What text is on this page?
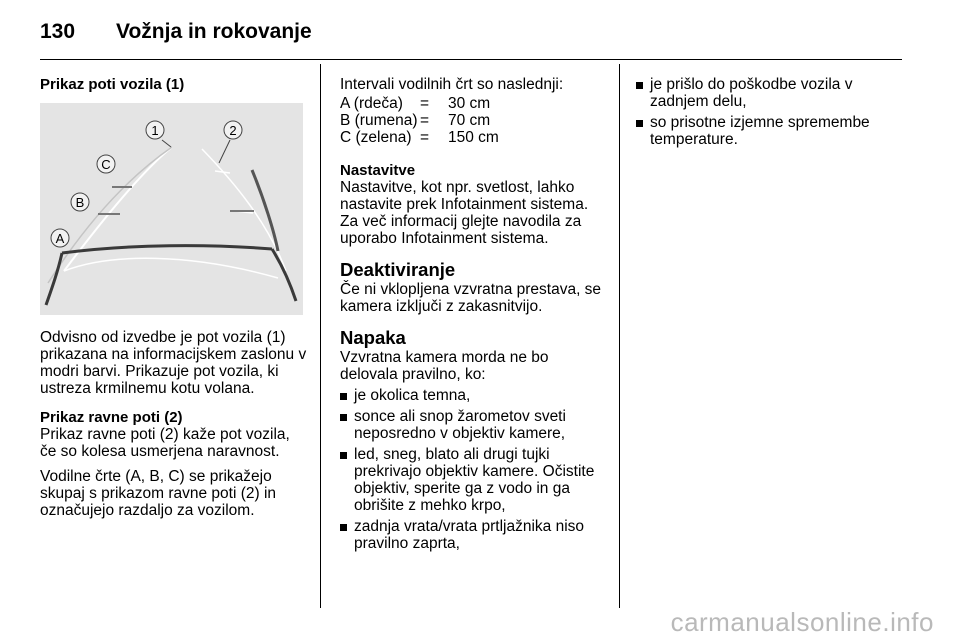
130 Vožnja in rokovanje
Prikaz poti vozila (1)
1	2
C
B
A

Odvisno od izvedbe je pot vozila (1) prikazana na informacijskem zaslonu v modri barvi. Prikazuje pot vozila, ki ustreza krmilnemu kotu volana.

Prikaz ravne poti (2)

Prikaz ravne poti (2) kaže pot vozila, če so kolesa usmerjena naravnost.

Vodilne črte (A, B, C) se prikažejo skupaj s prikazom ravne poti (2) in označujejo razdaljo za vozilom.

Intervali vodilnih črt so naslednji:

A (rdeča)	=	30 cm
B (rumena)	=	70 cm
C (zelena)	=	150 cm
Nastavitve

Nastavitve, kot npr. svetlost, lahko nastavite prek Infotainment sistema. Za več informacij glejte navodila za uporabo Infotainment sistema.

Deaktiviranje

Če ni vklopljena vzvratna prestava, se kamera izklјuči z zakasnitvijo.

Napaka

Vzvratna kamera morda ne bo delovala pravilno, ko:

je okolica temna,
sonce ali snop žarometov sveti neposredno v objektiv kamere,
led, sneg, blato ali drugi tujki prekrivajo objektiv kamere. Očistite objektiv, sperite ga z vodo in ga obrišite z mehko krpo,
zadnja vrata/vrata prtljažnika niso pravilno zaprta,
je prišlo do poškodbe vozila v zadnjem delu,
so prisotne izjemne spremembe temperature.
carmanualsonline.info
